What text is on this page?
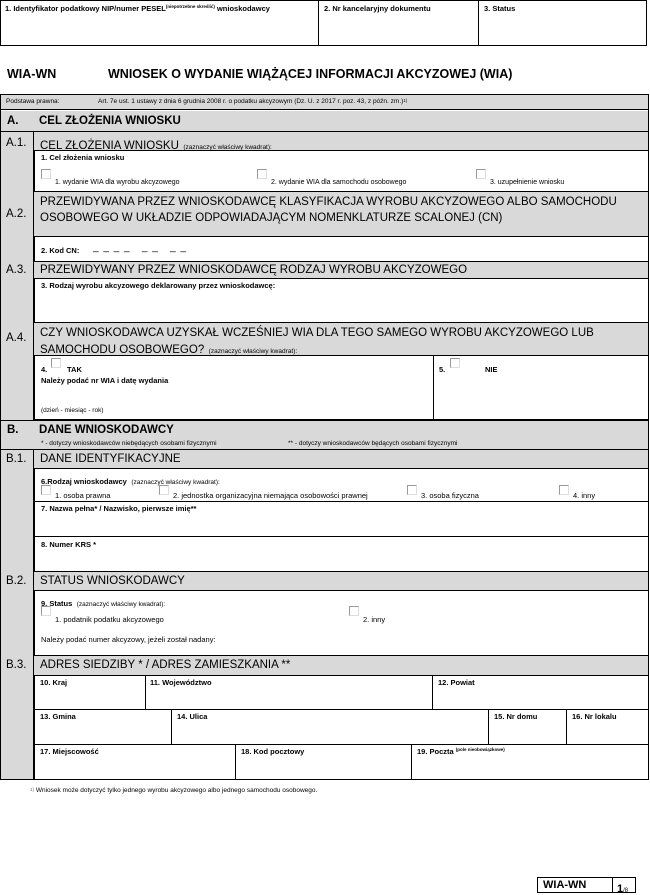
1. Identyfikator podatkowy NIP/numer $PESEL^{(niepotrzebne skreślić)}$ wnioskodawcy	2. Nr kancelaryjny dokumentu	3. Status
WIA-WN	WNIOSEK O WYDANIE WIĄŻĄCEJ INFORMACJI AKCYZOWEJ (WIA)
Podstawa prawna:	Art. 7e ust. 1 ustawy z dnia 6 grudnia 2008 r. o podatku akcyzowym (Dz. U. z 2017 r. poz. 43, z późn. zm.)$^{1)}$
A. CEL ZŁOŻENIA WNIOSKU
A.1. CEL ZŁOŻENIA WNIOSKU (zaznaczyć właściwy kwadrat):
1. Cel złożenia wniosku
1. wydanie WIA dla wyrobu akcyzowego	2. wydanie WIA dla samochodu osobowego	3. uzupełnienie wniosku
A.2.
PRZEWIDYWANA PRZEZ WNIOSKODAWCĘ KLASYFIKACJA WYROBU AKCYZOWEGO ALBO SAMOCHODU OSOBOWEGO W UKŁADZIE ODPOWIADAJĄCYM NOMENKLATURZE SCALONEJ (CN)
2. Kod CN: _ _ _ _   _ _   _ _
A.3. PRZEWIDYWANY PRZEZ WNIOSKODAWCĘ RODZAJ WYROBU AKCYZOWEGO
3. Rodzaj wyrobu akcyzowego deklarowany przez wnioskodawcę:
A.4. CZY WNIOSKODAWCA UZYSKAŁ WCZEŚNIEJ WIA DLA TEGO SAMEGO WYROBU AKCYZOWEGO LUB SAMOCHODU OSOBOWEGO? (zaznaczyć właściwy kwadrat):
4.	TAK
Należy podać nr WIA i datę wydania
(dzień - miesiąc - rok)
5.	NIE
B. DANE WNIOSKODAWCY
* - dotyczy wnioskodawców niebędących osobami fizycznymi	** - dotyczy wnioskodawców będących osobami fizycznymi
B.1. DANE IDENTYFIKACYJNE
6.Rodzaj wnioskodawcy (zaznaczyć właściwy kwadrat):
1. osoba prawna	2. jednostka organizacyjna niemająca osobowości prawnej	3. osoba fizyczna	4. inny
7. Nazwa pełna* / Nazwisko, pierwsze imię**
8. Numer KRS *
B.2. STATUS WNIOSKODAWCY
9. Status (zaznaczyć właściwy kwadrat):
1. podatnik podatku akcyzowego	2. inny
Należy podać numer akcyzowy, jeżeli został nadany:
B.3. ADRES SIEDZIBY * / ADRES ZAMIESZKANIA **
10. Kraj	11. Województwo	12. Powiat
13. Gmina	14. Ulica	15. Nr domu	16. Nr lokalu
17. Miejscowość	18. Kod pocztowy	19. Poczta $^{(pole nieobowiązkowe)}$
$^{1)}$ Wniosek może dotyczyć tylko jednego wyrobu akcyzowego albo jednego samochodu osobowego.
WIA-WN	1/8
